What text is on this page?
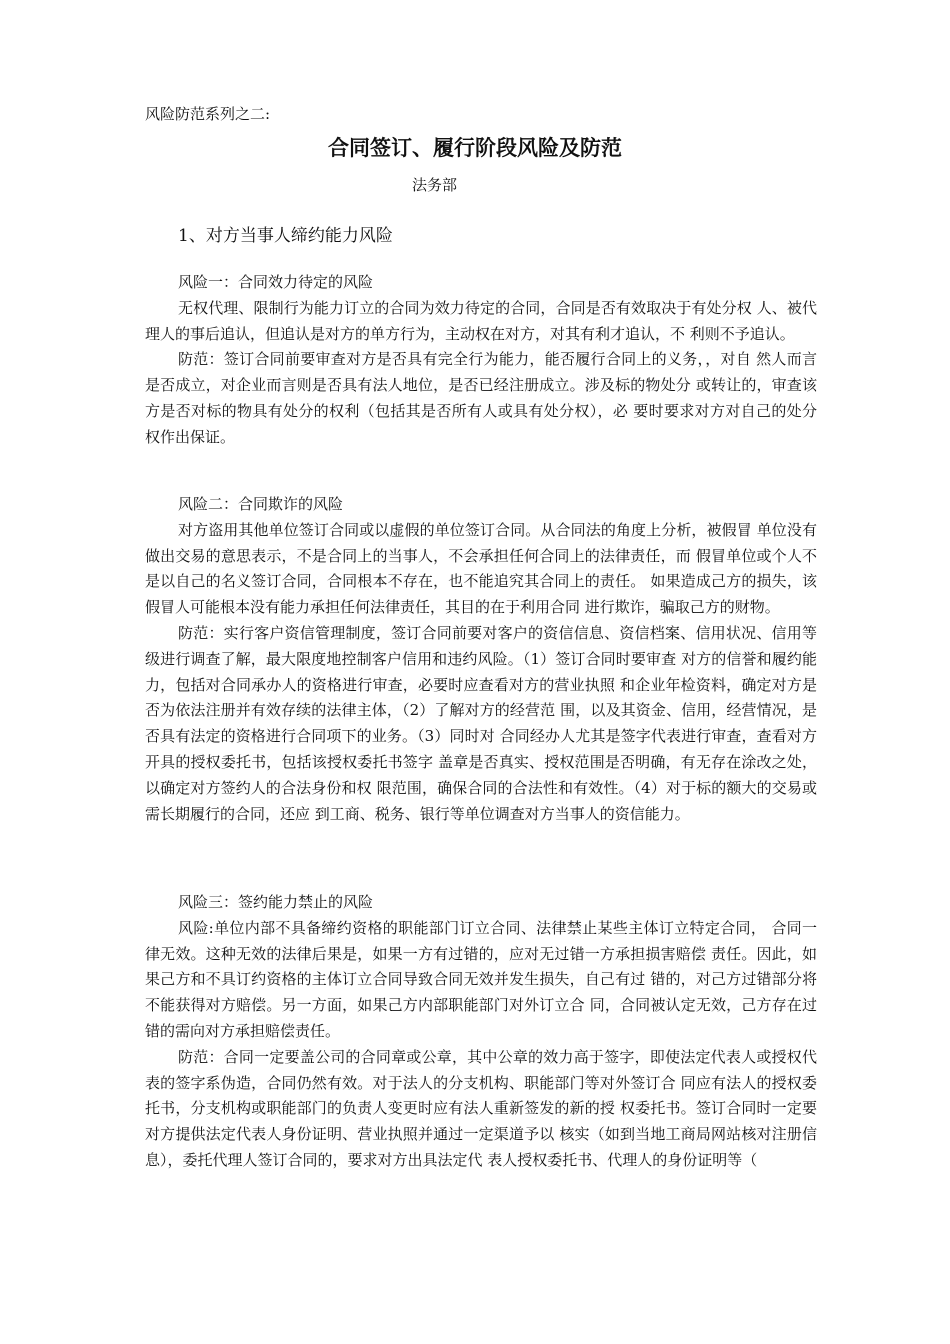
风险防范系列之二:
合同签订、履行阶段风险及防范
法务部
1、对方当事人缔约能力风险
风险一：合同效力待定的风险

无权代理、限制行为能力订立的合同为效力待定的合同，合同是否有效取决于有处分权 人、被代理人的事后追认，但追认是对方的单方行为，主动权在对方，对其有利才追认，不 利则不予追认。

防范：签订合同前要审查对方是否具有完全行为能力，能否履行合同上的义务，，对自 然人而言是否成立，对企业而言则是否具有法人地位，是否已经注册成立。涉及标的物处分 或转让的，审查该方是否对标的物具有处分的权利（包括其是否所有人或具有处分权），必 要时要求对方对自己的处分权作出保证。

风险二：合同欺诈的风险

对方盗用其他单位签订合同或以虚假的单位签订合同。从合同法的角度上分析，被假冒 单位没有做出交易的意思表示，不是合同上的当事人，不会承担任何合同上的法律责任，而 假冒单位或个人不是以自己的名义签订合同，合同根本不存在，也不能追究其合同上的责任。 如果造成己方的损失，该假冒人可能根本没有能力承担任何法律责任，其目的在于利用合同 进行欺诈，骗取己方的财物。

防范：实行客户资信管理制度，签订合同前要对客户的资信信息、资信档案、信用状况、信用等级进行调查了解，最大限度地控制客户信用和违约风险。（1）签订合同时要审查 对方的信誉和履约能力，包括对合同承办人的资格进行审查，必要时应查看对方的营业执照 和企业年检资料，确定对方是否为依法注册并有效存续的法律主体，（2）了解对方的经营范 围，以及其资金、信用，经营情况，是否具有法定的资格进行合同项下的业务。（3）同时对 合同经办人尤其是签字代表进行审查，查看对方开具的授权委托书，包括该授权委托书签字 盖章是否真实、授权范围是否明确，有无存在涂改之处，以确定对方签约人的合法身份和权 限范围，确保合同的合法性和有效性。（4）对于标的额大的交易或需长期履行的合同，还应 到工商、税务、银行等单位调查对方当事人的资信能力。

风险三：签约能力禁止的风险

风险:单位内部不具备缔约资格的职能部门订立合同、法律禁止某些主体订立特定合同， 合同一律无效。这种无效的法律后果是，如果一方有过错的，应对无过错一方承担损害赔偿 责任。因此，如果己方和不具订约资格的主体订立合同导致合同无效并发生损失，自己有过 错的，对己方过错部分将不能获得对方赔偿。另一方面，如果己方内部职能部门对外订立合 同，合同被认定无效，己方存在过错的需向对方承担赔偿责任。

防范：合同一定要盖公司的合同章或公章，其中公章的效力高于签字，即使法定代表人或授权代表的签字系伪造，合同仍然有效。对于法人的分支机构、职能部门等对外签订合 同应有法人的授权委托书，分支机构或职能部门的负责人变更时应有法人重新签发的新的授 权委托书。签订合同时一定要对方提供法定代表人身份证明、营业执照并通过一定渠道予以 核实（如到当地工商局网站核对注册信息），委托代理人签订合同的，要求对方出具法定代 表人授权委托书、代理人的身份证明等（
